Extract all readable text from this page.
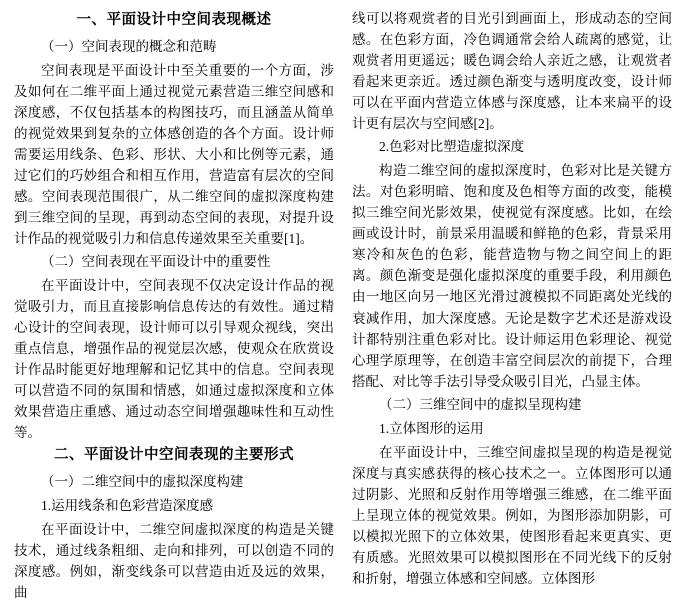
一、平面设计中空间表现概述
（一）空间表现的概念和范畴

空间表现是平面设计中至关重要的一个方面，涉及如何在二维平面上通过视觉元素营造三维空间感和深度感，不仅包括基本的构图技巧，而且涵盖从简单的视觉效果到复杂的立体感创造的各个方面。设计师需要运用线条、色彩、形状、大小和比例等元素，通过它们的巧妙组合和相互作用，营造富有层次的空间感。空间表现范围很广，从二维空间的虚拟深度构建到三维空间的呈现，再到动态空间的表现，对提升设计作品的视觉吸引力和信息传递效果至关重要[1]。

（二）空间表现在平面设计中的重要性

在平面设计中，空间表现不仅决定设计作品的视觉吸引力，而且直接影响信息传达的有效性。通过精心设计的空间表现，设计师可以引导观众视线，突出重点信息，增强作品的视觉层次感，使观众在欣赏设计作品时能更好地理解和记忆其中的信息。空间表现可以营造不同的氛围和情感，如通过虚拟深度和立体效果营造庄重感、通过动态空间增强趣味性和互动性等。

二、平面设计中空间表现的主要形式
（一）二维空间中的虚拟深度构建
1.运用线条和色彩营造深度感

在平面设计中，二维空间虚拟深度的构造是关键技术，通过线条粗细、走向和排列，可以创造不同的深度感。例如，渐变线条可以营造由近及远的效果，曲

线可以将观赏者的目光引到画面上，形成动态的空间感。在色彩方面，冷色调通常会给人疏离的感觉，让观赏者用更遥远；暖色调会给人亲近之感，让观赏者看起来更亲近。透过颜色渐变与透明度改变，设计师可以在平面内营造立体感与深度感，让本来扁平的设计更有层次与空间感[2]。

2.色彩对比塑造虚拟深度

构造二维空间的虚拟深度时，色彩对比是关键方法。对色彩明暗、饱和度及色相等方面的改变，能模拟三维空间光影效果，使视觉有深度感。比如，在绘画或设计时，前景采用温暖和鲜艳的色彩，背景采用寒冷和灰色的色彩，能营造物与物之间空间上的距离。颜色渐变是强化虚拟深度的重要手段，利用颜色由一地区向另一地区光滑过渡模拟不同距离处光线的衰减作用，加大深度感。无论是数字艺术还是游戏设计都特别注重色彩对比。设计师运用色彩理论、视觉心理学原理等，在创造丰富空间层次的前提下，合理搭配、对比等手法引导受众吸引目光，凸显主体。

（二）三维空间中的虚拟呈现构建
1.立体图形的运用

在平面设计中，三维空间虚拟呈现的构造是视觉深度与真实感获得的核心技术之一。立体图形可以通过阴影、光照和反射作用等增强三维感，在二维平面上呈现立体的视觉效果。例如，为图形添加阴影，可以模拟光照下的立体效果，使图形看起来更真实、更有质感。光照效果可以模拟图形在不同光线下的反射和折射，增强立体感和空间感。立体图形
